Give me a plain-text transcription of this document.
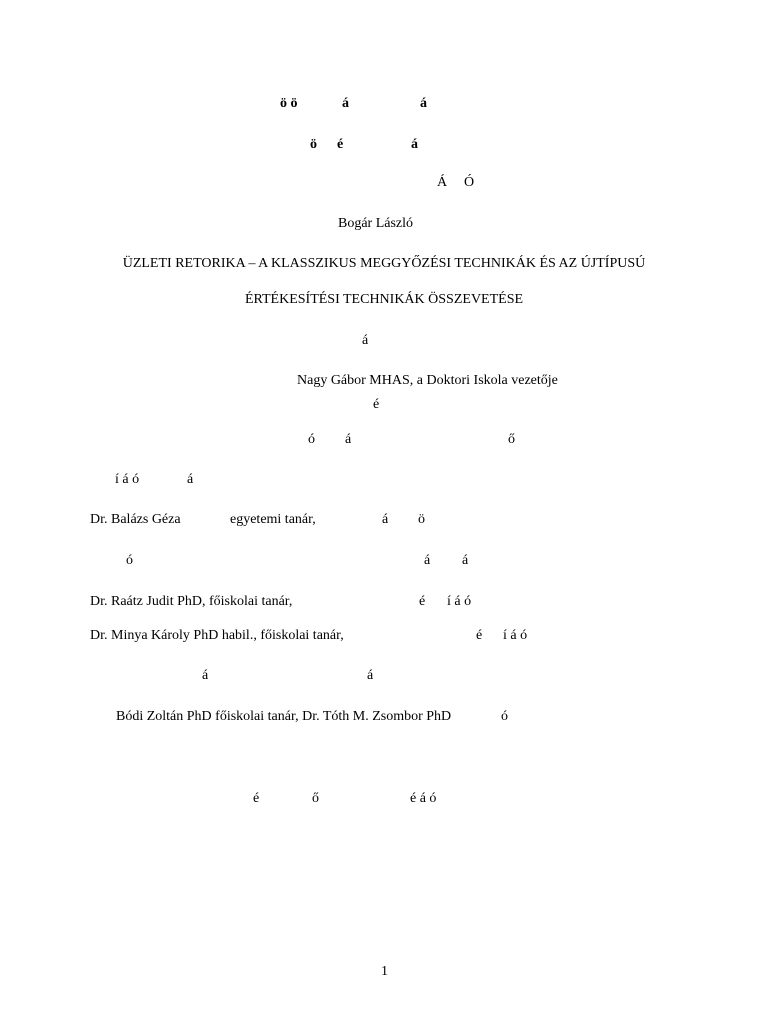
ö ö	á	á
ö é	á
Á Ó
Bogár László
ÜZLETI RETORIKA – A KLASSZIKUS MEGGYŐZÉSI TECHNIKÁK ÉS AZ ÚJTÍPUSÚ
ÉRTÉKESÍTÉSI TECHNIKÁK ÖSSZEVETÉSE
á
Nagy Gábor MHAS, a Doktori Iskola vezetője
é
ó á	ő
í á ó	á
Dr. Balázs Géza	egyetemi tanár,	á ö
ó	á á
Dr. Raátz Judit PhD, főiskolai tanár,	é í á ó
Dr. Minya Károly PhD habil., főiskolai tanár,	é í á ó
á	á
Bódi Zoltán PhD főiskolai tanár, Dr. Tóth M. Zsombor PhD	ó
é	ő	é á ó
1
